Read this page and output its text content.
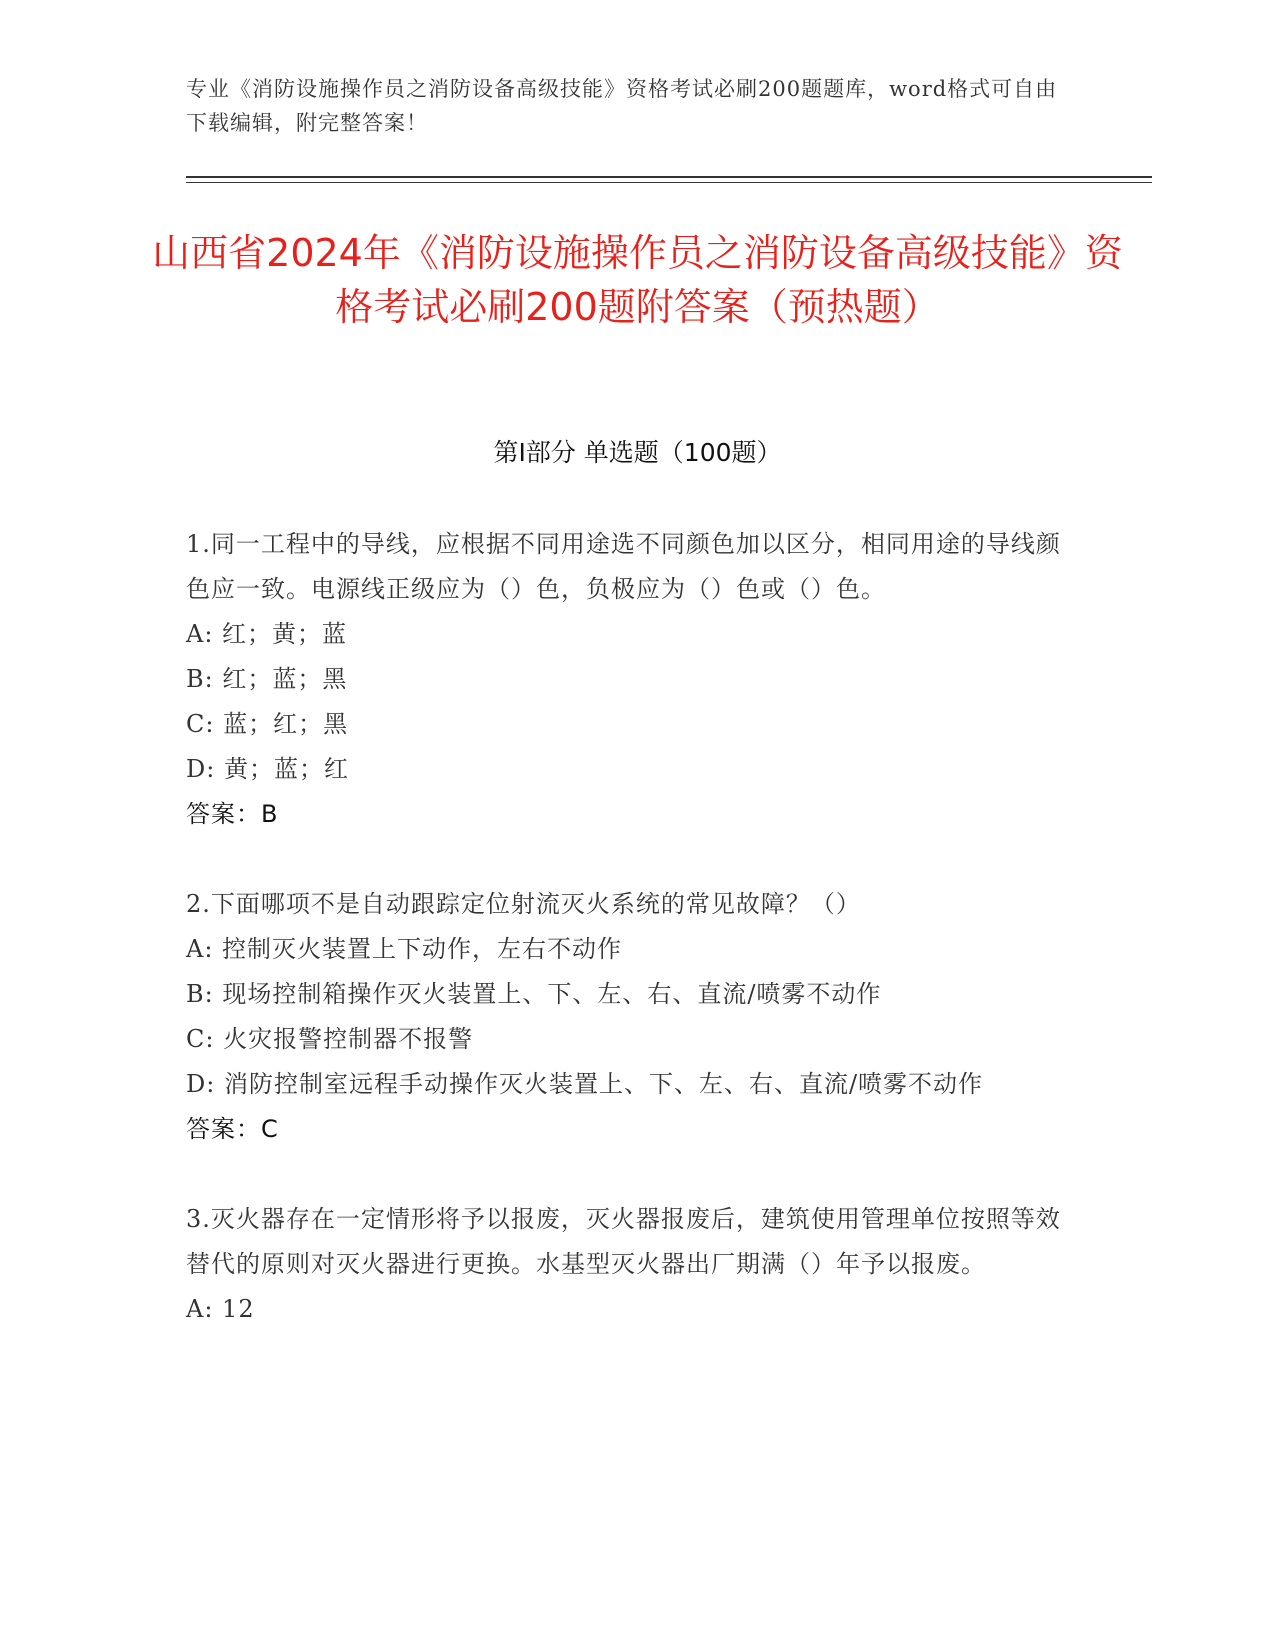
专业《消防设施操作员之消防设备高级技能》资格考试必刷200题题库，word格式可自由下载编辑，附完整答案！
山西省2024年《消防设施操作员之消防设备高级技能》资格考试必刷200题附答案（预热题）
第I部分 单选题（100题）

1.同一工程中的导线，应根据不同用途选不同颜色加以区分，相同用途的导线颜色应一致。电源线正级应为（）色，负极应为（）色或（）色。

A: 红；黄；蓝

B: 红；蓝；黑

C: 蓝；红；黑

D: 黄；蓝；红

答案：B

2.下面哪项不是自动跟踪定位射流灭火系统的常见故障？（）

A: 控制灭火装置上下动作，左右不动作

B: 现场控制箱操作灭火装置上、下、左、右、直流/喷雾不动作

C: 火灾报警控制器不报警

D: 消防控制室远程手动操作灭火装置上、下、左、右、直流/喷雾不动作

答案：C

3.灭火器存在一定情形将予以报废，灭火器报废后，建筑使用管理单位按照等效替代的原则对灭火器进行更换。水基型灭火器出厂期满（）年予以报废。

A: 12
